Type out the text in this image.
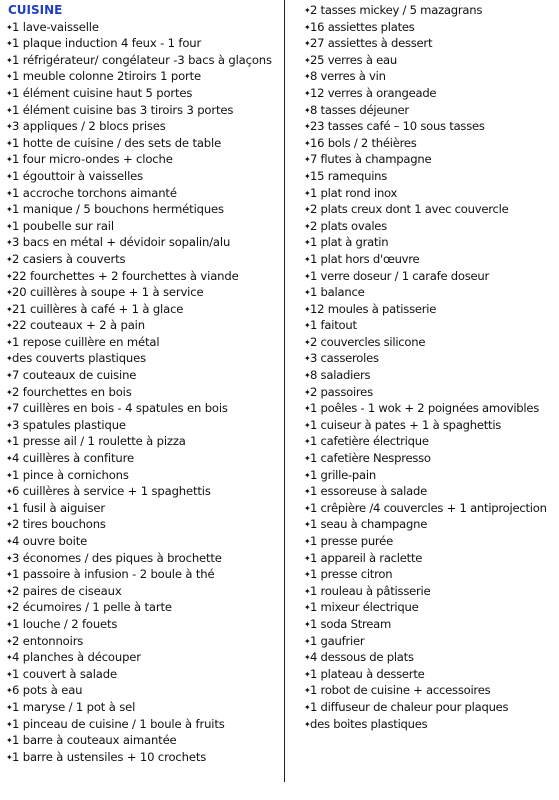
CUISINE
✦1 lave-vaisselle
✦1 plaque induction 4 feux - 1 four
✦1 réfrigérateur/ congélateur -3 bacs à glaçons
✦1 meuble colonne 2tiroirs 1 porte
✦1 élément cuisine haut 5 portes
✦1 élément cuisine bas 3 tiroirs 3 portes
✦3 appliques / 2 blocs prises
✦1 hotte de cuisine / des sets de table
✦1 four micro-ondes + cloche
✦1 égouttoir à vaisselles
✦1 accroche torchons aimanté
✦1 manique / 5 bouchons hermétiques
✦1 poubelle sur rail
✦3 bacs en métal + dévidoir sopalin/alu
✦2 casiers à couverts
✦22 fourchettes + 2 fourchettes à viande
✦20 cuillères à soupe + 1 à service
✦21 cuillères à café + 1 à glace
✦22 couteaux + 2 à pain
✦1 repose cuillère en métal
✦des couverts plastiques
✦7 couteaux de cuisine
✦2 fourchettes en bois
✦7 cuillères en bois - 4 spatules en bois
✦3 spatules plastique
✦1 presse ail / 1 roulette à pizza
✦4 cuillères à confiture
✦1 pince à cornichons
✦6 cuillères à service + 1 spaghettis
✦1 fusil à aiguiser
✦2 tires bouchons
✦4 ouvre boite
✦3 économes / des piques à brochette
✦1 passoire à infusion - 2 boule à thé
✦2 paires de ciseaux
✦2 écumoires / 1 pelle à tarte
✦1 louche / 2 fouets
✦2 entonnoirs
✦4 planches à découper
✦1 couvert à salade
✦6 pots à eau
✦1 maryse / 1 pot à sel
✦1 pinceau de cuisine / 1 boule à fruits
✦1 barre à couteaux aimantée
✦1 barre à ustensiles + 10 crochets
✦2 tasses mickey / 5 mazagrans
✦16 assiettes plates
✦27 assiettes à dessert
✦25 verres à eau
✦8 verres à vin
✦12 verres à orangeade
✦8 tasses déjeuner
✦23 tasses café – 10 sous tasses
✦16 bols / 2 théières
✦7 flutes à champagne
✦15 ramequins
✦1 plat rond inox
✦2 plats creux dont 1 avec couvercle
✦2 plats ovales
✦1 plat à gratin
✦1 plat hors d'œuvre
✦1 verre doseur / 1 carafe doseur
✦1 balance
✦12 moules à patisserie
✦1 faitout
✦2 couvercles silicone
✦3 casseroles
✦8 saladiers
✦2 passoires
✦1 poêles - 1 wok + 2 poignées amovibles
✦1 cuiseur à pates + 1 à spaghettis
✦1 cafetière électrique
✦1 cafetière Nespresso
✦1 grille-pain
✦1 essoreuse à salade
✦1 crêpière /4 couvercles + 1 antiprojection
✦1 seau à champagne
✦1 presse purée
✦1 appareil à raclette
✦1 presse citron
✦1 rouleau à pâtisserie
✦1 mixeur électrique
✦1 soda Stream
✦1 gaufrier
✦4 dessous de plats
✦1 plateau à desserte
✦1 robot de cuisine + accessoires
✦1 diffuseur de chaleur pour plaques
✦des boites plastiques
